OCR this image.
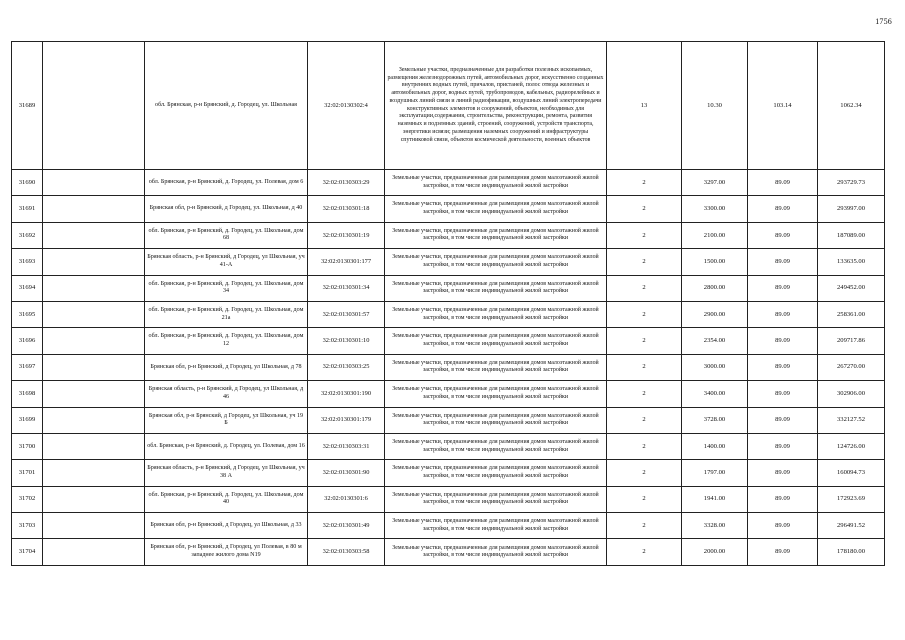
1756
31689		обл. Брянская, р-н Брянский, д. Городец, ул. Школьная	32:02:0130302:4	Земельные участки, предназначенные для разработки полезных ископаемых, размещения железнодорожных путей, автомобильных дорог, искусственно созданных внутренних водных путей, причалов, пристаней, полос отвода железных и автомобильных дорог, водных путей, трубопроводов, кабельных, радиорелейных и воздушных линий связи и линий радиофикации, воздушных линий электропередачи конструктивных элементов и сооружений, объектов, необходимых для эксплуатации,содержания, строительства, реконструкции, ремонта, развития наземных и подземных зданий, строений, сооружений, устройств транспорта, энергетики исвязи; размещения наземных сооружений и инфраструктуры спутниковой связи, объектов космической деятельности, военных объектов	13	10.30	103.14	1062.34
31690		обл. Брянская, р-н Брянский, д. Городец, ул. Полевая, дом 6	32:02:0130303:29	Земельные участки, предназначенные для размещения домов малоэтажной жилой застройки, в том числе индивидуальной жилой застройки	2	3297.00	89.09	293729.73
31691		Брянская обл, р-н Брянский, д Городец, ул. Школьная, д 40	32:02:0130301:18	Земельные участки, предназначенные для размещения домов малоэтажной жилой застройки, в том числе индивидуальной жилой застройки	2	3300.00	89.09	293997.00
31692		обл. Брянская, р-н Брянский, д. Городец, ул. Школьная, дом 68	32:02:0130301:19	Земельные участки, предназначенные для размещения домов малоэтажной жилой застройки, в том числе индивидуальной жилой застройки	2	2100.00	89.09	187089.00
31693		Брянская область, р-н Брянский, д Городец, ул Школьная, уч 41-А	32:02:0130301:177	Земельные участки, предназначенные для размещения домов малоэтажной жилой застройки, в том числе индивидуальной жилой застройки	2	1500.00	89.09	133635.00
31694		обл. Брянская, р-н Брянский, д. Городец, ул. Школьная, дом 34	32:02:0130301:34	Земельные участки, предназначенные для размещения домов малоэтажной жилой застройки, в том числе индивидуальной жилой застройки	2	2800.00	89.09	249452.00
31695		обл. Брянская, р-н Брянский, д. Городец, ул. Школьная, дом 21а	32:02:0130301:57	Земельные участки, предназначенные для размещения домов малоэтажной жилой застройки, в том числе индивидуальной жилой застройки	2	2900.00	89.09	258361.00
31696		обл. Брянская, р-н Брянский, д. Городец, ул. Школьная, дом 12	32:02:0130301:10	Земельные участки, предназначенные для размещения домов малоэтажной жилой застройки, в том числе индивидуальной жилой застройки	2	2354.00	89.09	209717.86
31697		Брянская обл, р-н Брянский, д Городец, ул Школьная, д 78	32:02:0130303:25	Земельные участки, предназначенные для размещения домов малоэтажной жилой застройки, в том числе индивидуальной жилой застройки	2	3000.00	89.09	267270.00
31698		Брянская область, р-н Брянский, д Городец, ул Школьная, д 46	32:02:0130301:190	Земельные участки, предназначенные для размещения домов малоэтажной жилой застройки, в том числе индивидуальной жилой застройки	2	3400.00	89.09	302906.00
31699		Брянская обл, р-н Брянский, д Городец, ул Школьная, уч 19 Б	32:02:0130301:179	Земельные участки, предназначенные для размещения домов малоэтажной жилой застройки, в том числе индивидуальной жилой застройки	2	3728.00	89.09	332127.52
31700		обл. Брянская, р-н Брянский, д. Городец, ул. Полевая, дом 16	32:02:0130303:31	Земельные участки, предназначенные для размещения домов малоэтажной жилой застройки, в том числе индивидуальной жилой застройки	2	1400.00	89.09	124726.00
31701		Брянская область, р-н Брянский, д Городец, ул Школьная, уч 38 А	32:02:0130301:90	Земельные участки, предназначенные для размещения домов малоэтажной жилой застройки, в том числе индивидуальной жилой застройки	2	1797.00	89.09	160094.73
31702		обл. Брянская, р-н Брянский, д. Городец, ул. Школьная, дом 40	32:02:0130301:6	Земельные участки, предназначенные для размещения домов малоэтажной жилой застройки, в том числе индивидуальной жилой застройки	2	1941.00	89.09	172923.69
31703		Брянская обл, р-н Брянский, д Городец, ул Школьная, д 33	32:02:0130301:49	Земельные участки, предназначенные для размещения домов малоэтажной жилой застройки, в том числе индивидуальной жилой застройки	2	3328.00	89.09	296491.52
31704		Брянская обл, р-н Брянский, д Городец, ул Полевая, в 80 м западнее жилого дома N19	32:02:0130303:58	Земельные участки, предназначенные для размещения домов малоэтажной жилой застройки, в том числе индивидуальной жилой застройки	2	2000.00	89.09	178180.00
